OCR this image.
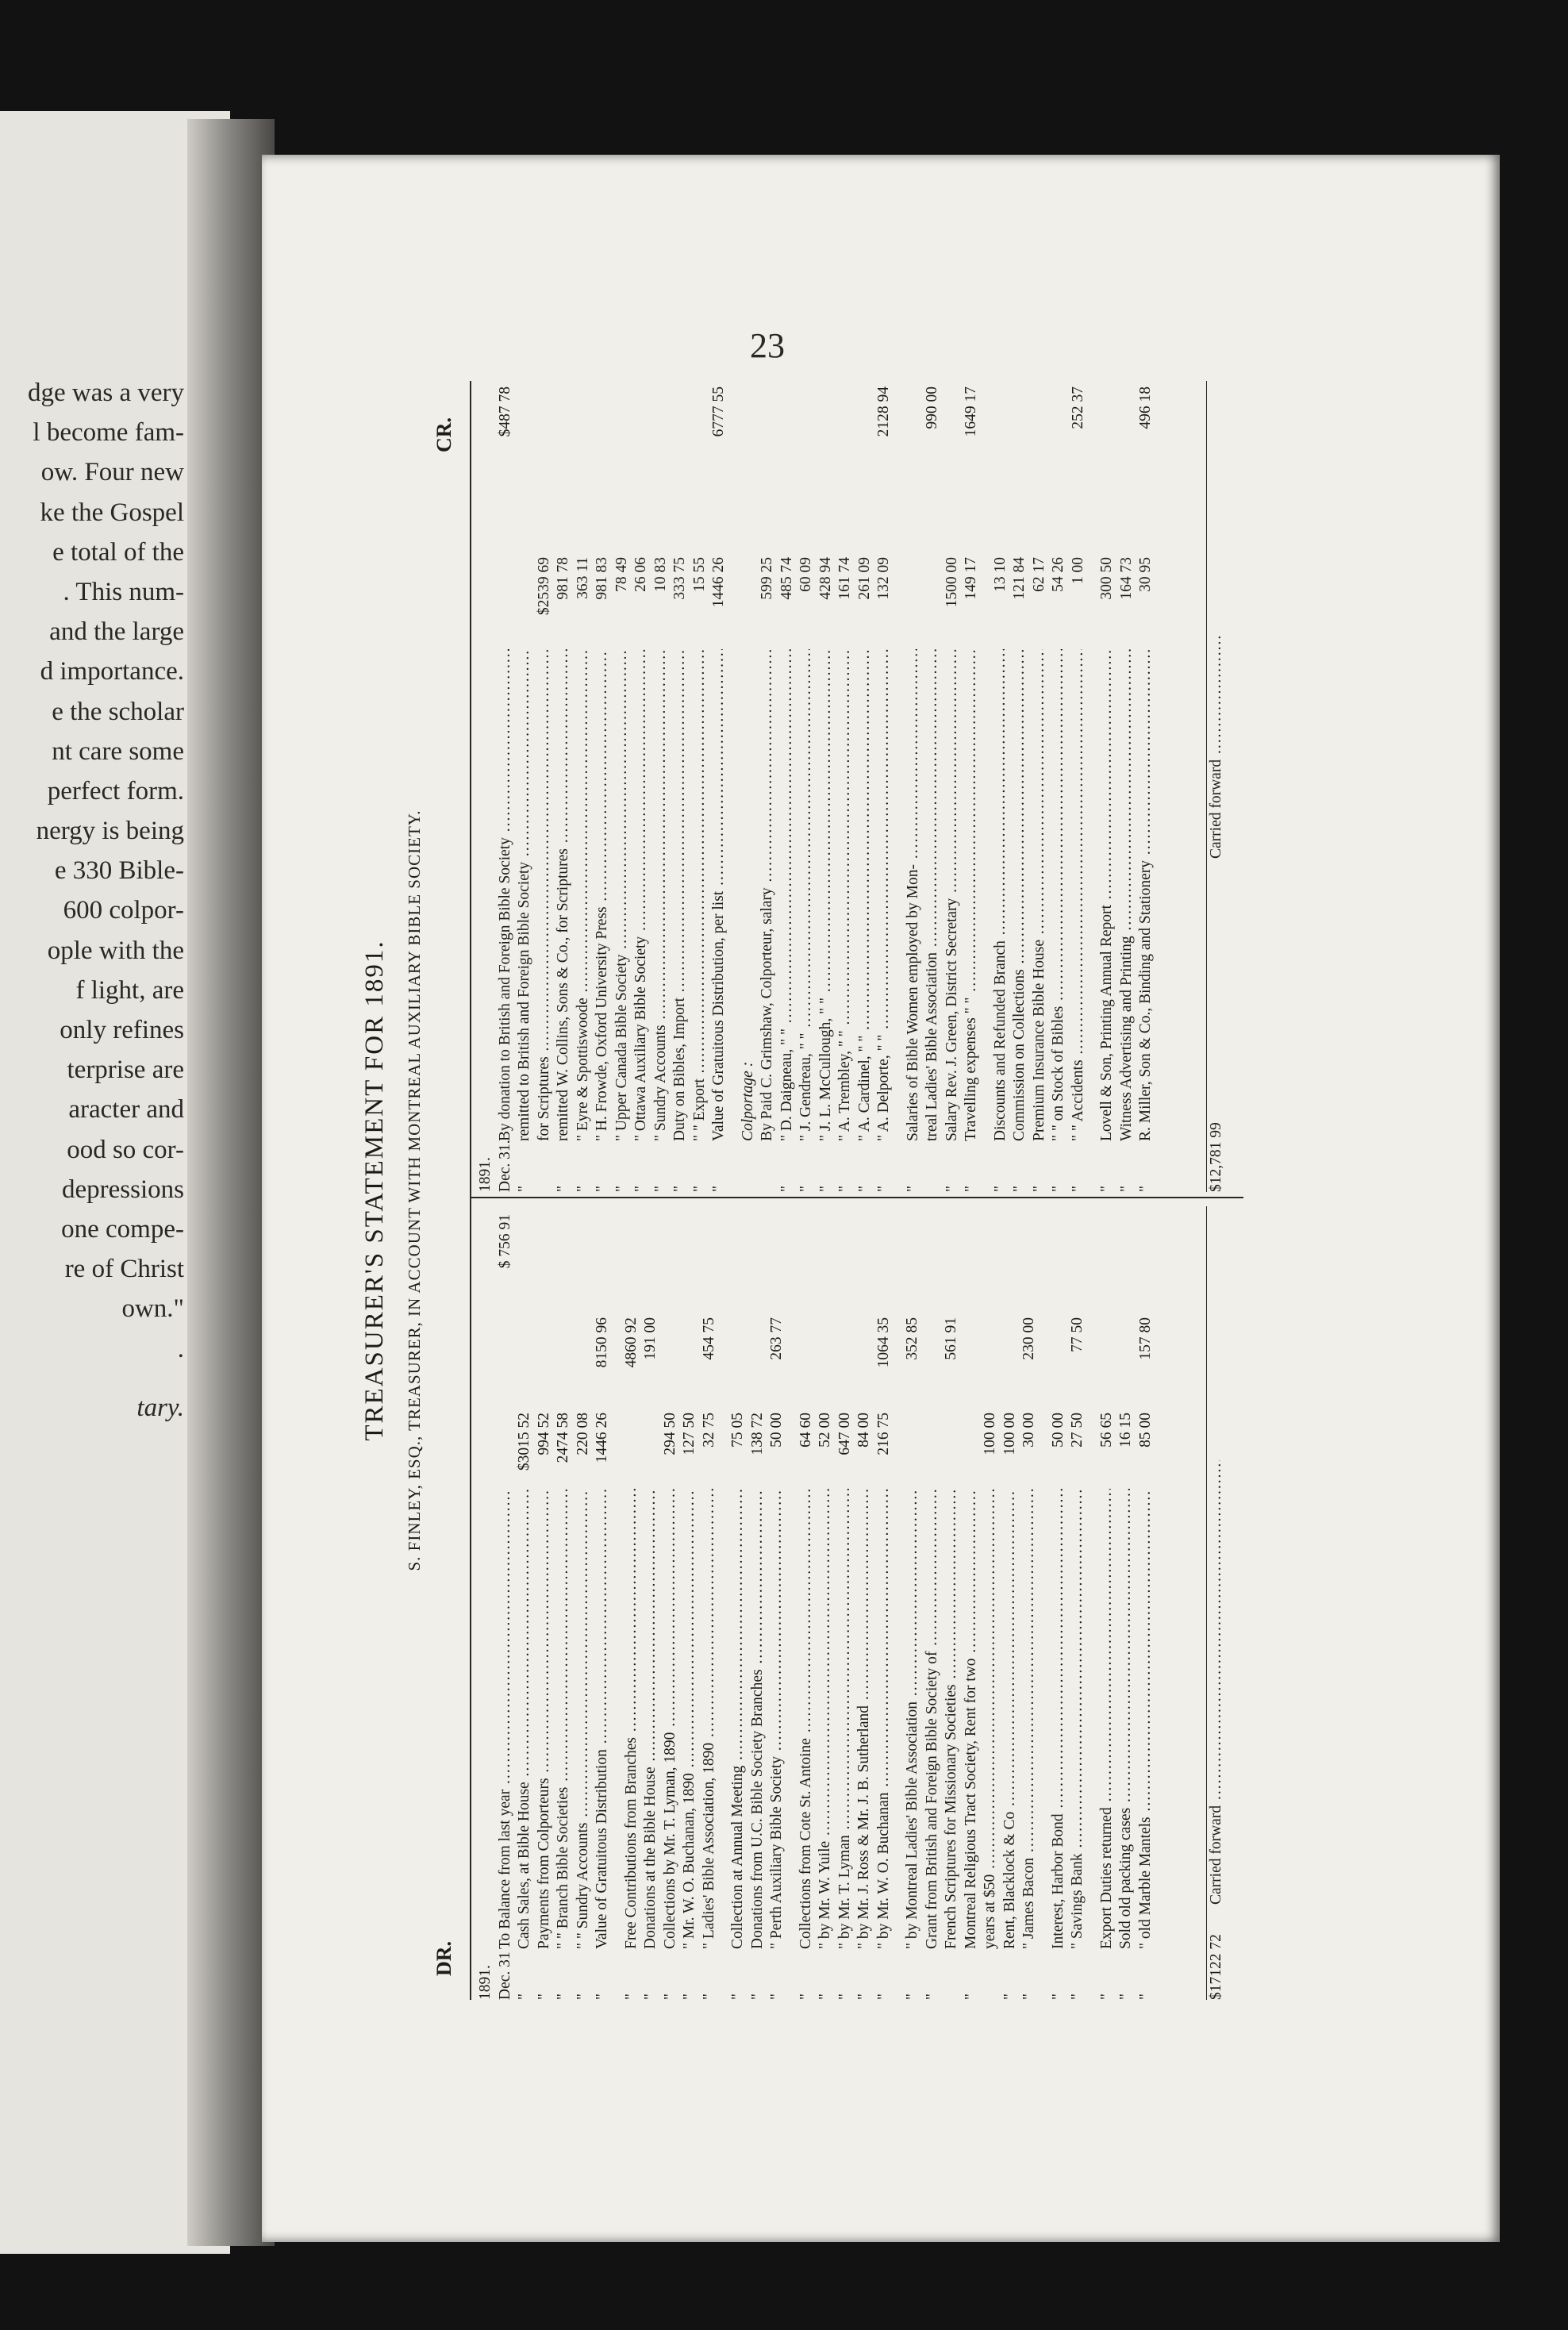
dge was a very
l become fam-
ow. Four new
ke the Gospel
e total of the
. This num-
and the large
d importance.
e the scholar
nt care some
perfect form.
nergy is being
e 330 Bible-
600 colpor-
ople with the
f light, are
only refines
terprise are
aracter and
ood so cor-
depressions
one compe-
re of Christ
own."
.
tary.
23
TREASURER'S STATEMENT FOR 1891. S. FINLEY, ESQ., TREASURER, IN ACCOUNT WITH MONTREAL AUXILIARY BIBLE SOCIETY.
DR.
CR.
1891. Dec. 31
To Balance from last year .....
$ 756 91
"
Cash Sales, at Bible House .....
$3015 52
"
Payments from Colporteurs .....
994 52
"
" " Branch Bible Societies .....
2474 58
"
" " Sundry Accounts .....
220 08
"
Value of Gratuitous Distribution .....
1446 26
8150 96
"
Free Contributions from Branches .....
4860 92
"
Donations at the Bible House .....
191 00
"
Collections by Mr. T. Lyman, 1890 .....
294 50
"
" Mr. W. O. Buchanan, 1890 .....
127 50
"
" Ladies' Bible Association, 1890 .....
32 75
454 75
"
Collection at Annual Meeting .....
75 05
"
Donations from U.C. Bible Society Branches .....
138 72
"
" Perth Auxiliary Bible Society .....
50 00
263 77
"
Collections from Cote St. Antoine .....
64 60
"
" by Mr. W. Yuile .....
52 00
"
" by Mr. T. Lyman .....
647 00
"
" by Mr. J. Ross & Mr. J. B. Sutherland .....
84 00
"
" by Mr. W. O. Buchanan .....
216 75
1064 35
"
" by Montreal Ladies' Bible Association .....
352 85
"
Grant from British and Foreign Bible Society of ..... French Scriptures for Missionary Societies .....
561 91
"
Montreal Religious Tract Society, Rent for two ..... years at $50 .....
100 00
"
Rent, Blacklock & Co .....
100 00
"
" James Bacon .....
30 00
230 00
"
Interest, Harbor Bond .....
50 00
"
" Savings Bank .....
27 50
77 50
"
Export Duties returned .....
56 65
"
Sold old packing cases .....
16 15
"
" old Marble Mantels .....
85 00
157 80
1891. Dec. 31.
By donation to British and Foreign Bible Society .....
$487 78
"
remitted to British and Foreign Bible Society ..... for Scriptures .....
$2539 69
"
remitted W. Collins, Sons & Co., for Scriptures .....
981 78
"
" Eyre & Spottiswoode .....
363 11
"
" H. Frowde, Oxford University Press .....
981 83
"
" Upper Canada Bible Society .....
78 49
"
" Ottawa Auxiliary Bible Society .....
26 06
"
" Sundry Accounts .....
10 83
"
Duty on Bibles, Import .....
333 75
"
" " Export .....
15 55
"
Value of Gratuitous Distribution, per list .....
1446 26
6777 55
Colportage : By Paid C. Grimshaw, Colporteur, salary .....
599 25
"
" D. Daigneau, " " .....
485 74
"
" J. Gendreau, " " .....
60 09
"
" J. L. McCullough, " " .....
428 94
"
" A. Trembley, " " .....
161 74
"
" A. Cardinel, " " .....
261 09
"
" A. Delporte, " " .....
132 09
2128 94
"
Salaries of Bible Women employed by Mon- ..... treal Ladies' Bible Association .....
990 00
"
Salary Rev. J. Green, District Secretary .....
1500 00
"
Travelling expenses " " .....
149 17
1649 17
"
Discounts and Refunded Branch .....
13 10
"
Commission on Collections .....
121 84
"
Premium Insurance Bible House .....
62 17
"
" " on Stock of Bibles .....
54 26
"
" " Accidents .....
1 00
252 37
"
Lovell & Son, Printing Annual Report .....
300 50
"
Witness Advertising and Printing .....
164 73
"
R. Miller, Son & Co., Binding and Stationery .....
30 95
496 18
Carried forward .....
$17122 72
Carried forward .....
$12,781 99
